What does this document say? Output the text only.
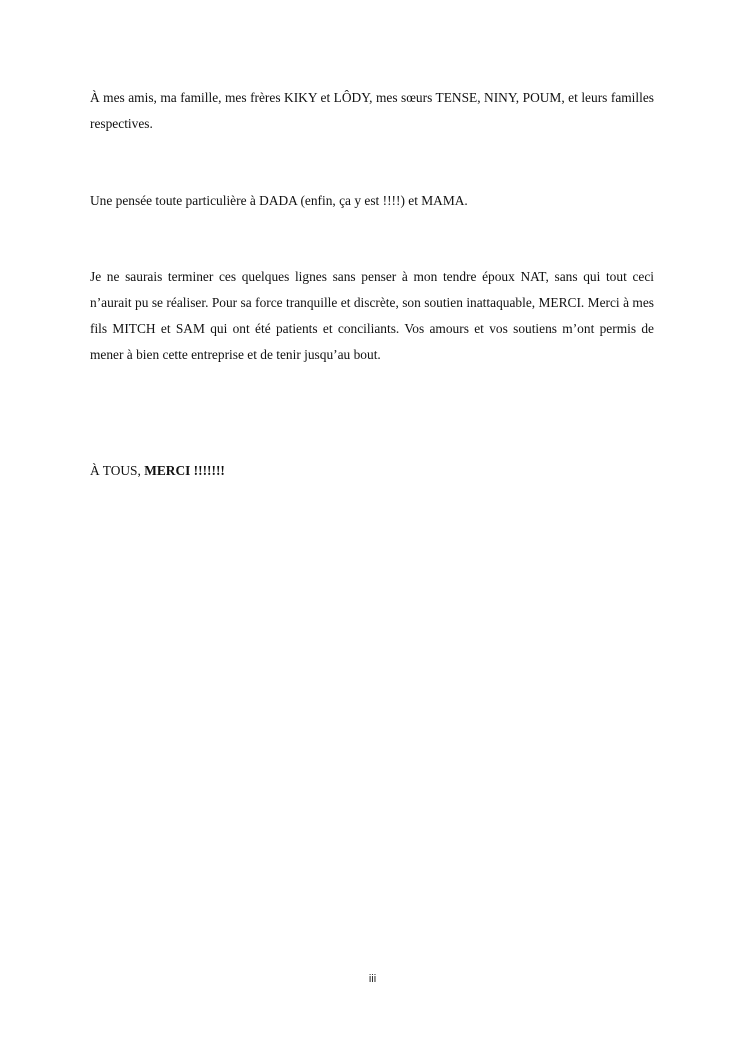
À mes amis, ma famille, mes frères KIKY et LÔDY, mes sœurs TENSE, NINY, POUM, et leurs familles respectives.

Une pensée toute particulière à DADA (enfin, ça y est !!!!) et MAMA.

Je ne saurais terminer ces quelques lignes sans penser à mon tendre époux NAT, sans qui tout ceci n’aurait pu se réaliser. Pour sa force tranquille et discrète, son soutien inattaquable, MERCI. Merci à mes fils MITCH et SAM qui ont été patients et conciliants. Vos amours et vos soutiens m’ont permis de mener à bien cette entreprise et de tenir jusqu’au bout.

À TOUS, MERCI !!!!!!!

iii
